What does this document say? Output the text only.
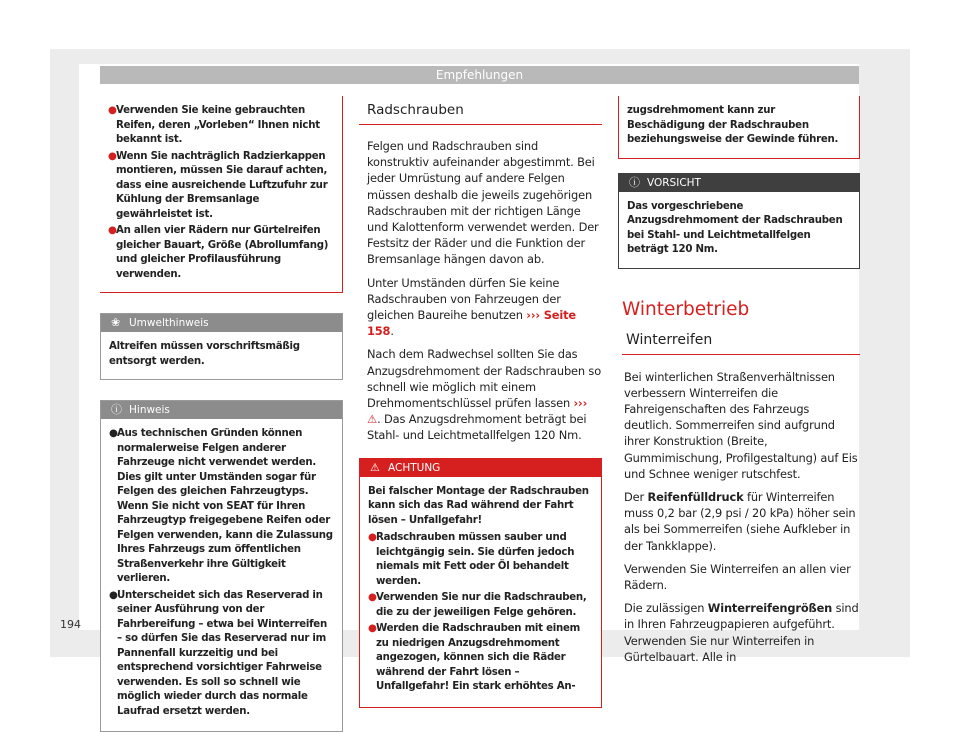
Empfehlungen
194
● Verwenden Sie keine gebrauchten Reifen, deren „Vorleben“ Ihnen nicht bekannt ist.
● Wenn Sie nachträglich Radzierkappen montieren, müssen Sie darauf achten, dass eine ausreichende Luftzufuhr zur Kühlung der Bremsanlage gewährleistet ist.
● An allen vier Rädern nur Gürtelreifen gleicher Bauart, Größe (Abrollumfang) und gleicher Profilausführung verwenden.
❀ Umwelthinweis
Altreifen müssen vorschriftsmäßig entsorgt werden.
ⓘ Hinweis
● Aus technischen Gründen können normalerweise Felgen anderer Fahrzeuge nicht verwendet werden. Dies gilt unter Umständen sogar für Felgen des gleichen Fahrzeugtyps. Wenn Sie nicht von SEAT für Ihren Fahrzeugtyp freigegebene Reifen oder Felgen verwenden, kann die Zulassung Ihres Fahrzeugs zum öffentlichen Straßenverkehr ihre Gültigkeit verlieren.
● Unterscheidet sich das Reserverad in seiner Ausführung von der Fahrbereifung – etwa bei Winterreifen – so dürfen Sie das Reserverad nur im Pannenfall kurzzeitig und bei entsprechend vorsichtiger Fahrweise verwenden. Es soll so schnell wie möglich wieder durch das normale Laufrad ersetzt werden.
Radschrauben

Felgen und Radschrauben sind konstruktiv aufeinander abgestimmt. Bei jeder Umrüstung auf andere Felgen müssen deshalb die jeweils zugehörigen Radschrauben mit der richtigen Länge und Kalottenform verwendet werden. Der Festsitz der Räder und die Funktion der Bremsanlage hängen davon ab.

Unter Umständen dürfen Sie keine Radschrauben von Fahrzeugen der gleichen Baureihe benutzen ››› Seite 158.

Nach dem Radwechsel sollten Sie das Anzugsdrehmoment der Radschrauben so schnell wie möglich mit einem Drehmomentschlüssel prüfen lassen ››› ⚠. Das Anzugsdrehmoment beträgt bei Stahl- und Leichtmetallfelgen 120 Nm.

⚠ ACHTUNG
Bei falscher Montage der Radschrauben kann sich das Rad während der Fahrt lösen – Unfallgefahr!
● Radschrauben müssen sauber und leichtgängig sein. Sie dürfen jedoch niemals mit Fett oder Öl behandelt werden.
● Verwenden Sie nur die Radschrauben, die zu der jeweiligen Felge gehören.
● Werden die Radschrauben mit einem zu niedrigen Anzugsdrehmoment angezogen, können sich die Räder während der Fahrt lösen – Unfallgefahr! Ein stark erhöhtes An-
zugsdrehmoment kann zur Beschädigung der Radschrauben beziehungsweise der Gewinde führen.
ⓘ VORSICHT
Das vorgeschriebene Anzugsdrehmoment der Radschrauben bei Stahl- und Leichtmetallfelgen beträgt 120 Nm.
Winterbetrieb
Winterreifen

Bei winterlichen Straßenverhältnissen verbessern Winterreifen die Fahreigenschaften des Fahrzeugs deutlich. Sommerreifen sind aufgrund ihrer Konstruktion (Breite, Gummimischung, Profilgestaltung) auf Eis und Schnee weniger rutschfest.

Der Reifenfülldruck für Winterreifen muss 0,2 bar (2,9 psi / 20 kPa) höher sein als bei Sommerreifen (siehe Aufkleber in der Tankklappe).

Verwenden Sie Winterreifen an allen vier Rädern.

Die zulässigen Winterreifengrößen sind in Ihren Fahrzeugpapieren aufgeführt. Verwenden Sie nur Winterreifen in Gürtelbauart. Alle in
